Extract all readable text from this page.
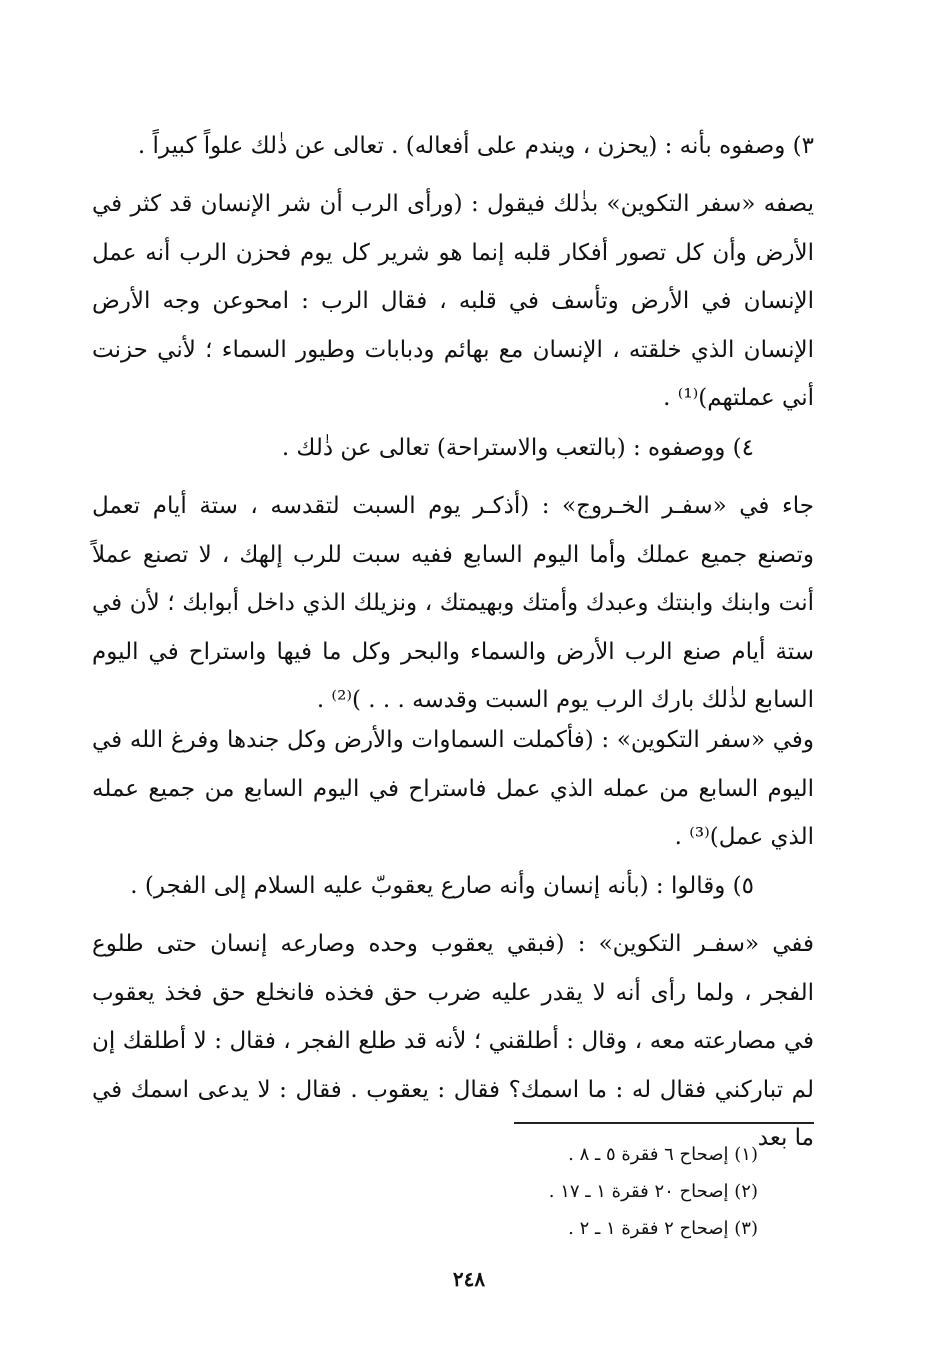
٣) وصفوه بأنه : (يحزن ، ويندم على أفعاله) . تعالى عن ذٰلك علواً كبيراً .
يصفه «سفر التكوين» بذٰلك فيقول : (ورأى الرب أن شر الإنسان قد كثر في الأرض وأن كل تصور أفكار قلبه إنما هو شرير كل يوم فحزن الرب أنه عمل الإنسان في الأرض وتأسف في قلبه ، فقال الرب : امحوعن وجه الأرض الإنسان الذي خلقته ، الإنسان مع بهائم ودبابات وطيور السماء ؛ لأني حزنت أني عملتهم)⁽¹⁾ .
٤) ووصفوه : (بالتعب والاستراحة) تعالى عن ذٰلك .
جاء في «سفـر الخـروج» : (أذكـر يوم السبت لتقدسه ، ستة أيام تعمل وتصنع جميع عملك وأما اليوم السابع ففيه سبت للرب إلهك ، لا تصنع عملاً أنت وابنك وابنتك وعبدك وأمتك وبهيمتك ، ونزيلك الذي داخل أبوابك ؛ لأن في ستة أيام صنع الرب الأرض والسماء والبحر وكل ما فيها واستراح في اليوم السابع لذٰلك بارك الرب يوم السبت وقدسه . . . )⁽²⁾ .
وفي «سفر التكوين» : (فأكملت السماوات والأرض وكل جندها وفرغ الله في اليوم السابع من عمله الذي عمل فاستراح في اليوم السابع من جميع عمله الذي عمل)⁽³⁾ .
٥) وقالوا : (بأنه إنسان وأنه صارع يعقوبّ عليه السلام إلى الفجر) .
ففي «سفـر التكوين» : (فبقي يعقوب وحده وصارعه إنسان حتى طلوع الفجر ، ولما رأى أنه لا يقدر عليه ضرب حق فخذه فانخلع حق فخذ يعقوب في مصارعته معه ، وقال : أطلقني ؛ لأنه قد طلع الفجر ، فقال : لا أطلقك إن لم تباركني فقال له : ما اسمك؟ فقال : يعقوب . فقال : لا يدعى اسمك في ما بعد
(١) إصحاح ٦ فقرة ٥ ـ ٨ .
(٢) إصحاح ٢٠ فقرة ١ ـ ١٧ .
(٣) إصحاح ٢ فقرة ١ ـ ٢ .
٢٤٨
